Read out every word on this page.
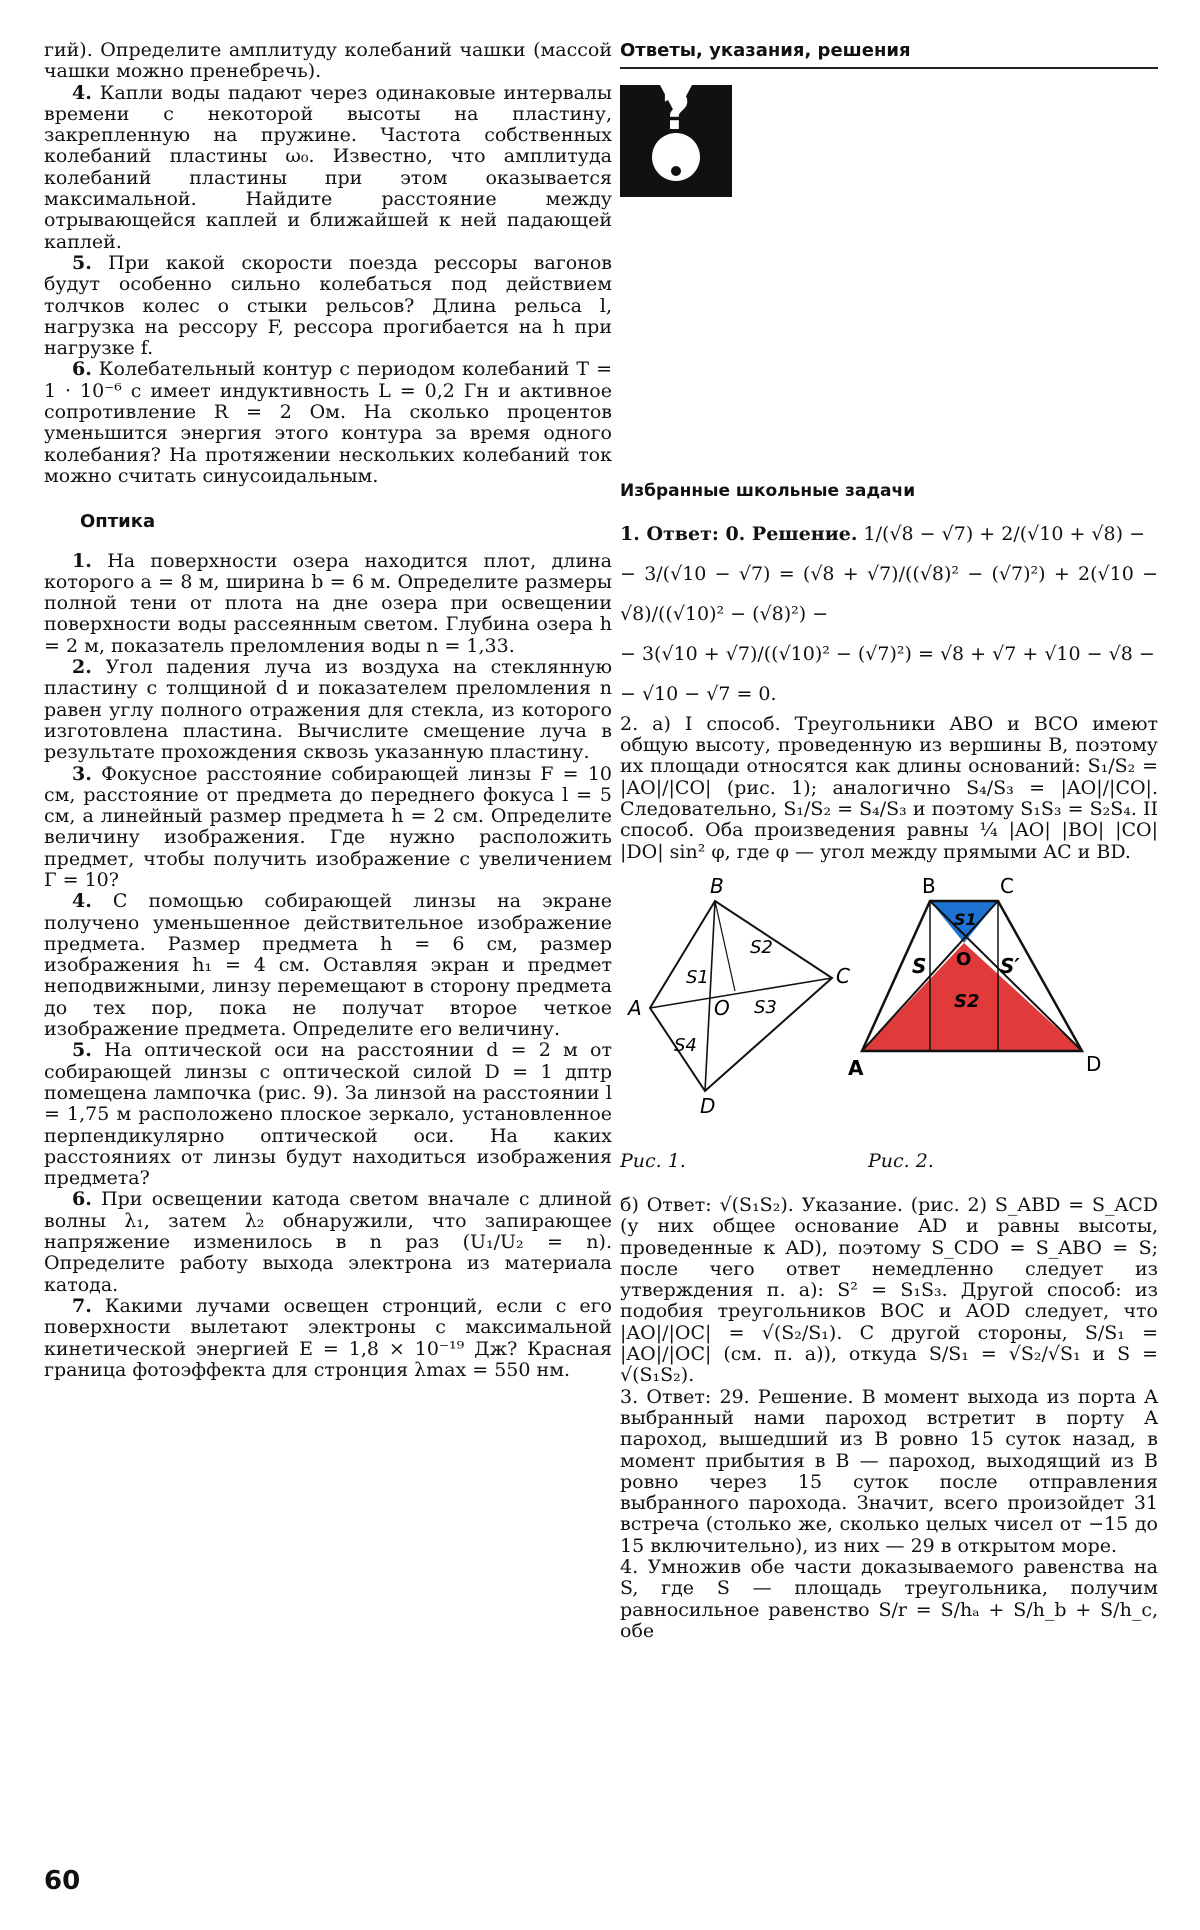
гий). Определите амплитуду колебаний чашки (массой чашки можно пренебречь).

4. Капли воды падают через одинаковые интервалы времени с некоторой высоты на пластину, закрепленную на пружине. Частота собственных колебаний пластины ω₀. Известно, что амплитуда колебаний пластины при этом оказывается максимальной. Найдите расстояние между отрывающейся каплей и ближайшей к ней падающей каплей.

5. При какой скорости поезда рессоры вагонов будут особенно сильно колебаться под действием толчков колес о стыки рельсов? Длина рельса l, нагрузка на рессору F, рессора прогибается на h при нагрузке f.

6. Колебательный контур с периодом колебаний T = 1 · 10⁻⁶ с имеет индуктивность L = 0,2 Гн и активное сопротивление R = 2 Ом. На сколько процентов уменьшится энергия этого контура за время одного колебания? На протяжении нескольких колебаний ток можно считать синусоидальным.

Оптика

1. На поверхности озера находится плот, длина которого a = 8 м, ширина b = 6 м. Определите размеры полной тени от плота на дне озера при освещении поверхности воды рассеянным светом. Глубина озера h = 2 м, показатель преломления воды n = 1,33.

2. Угол падения луча из воздуха на стеклянную пластину с толщиной d и показателем преломления n равен углу полного отражения для стекла, из которого изготовлена пластина. Вычислите смещение луча в результате прохождения сквозь указанную пластину.

3. Фокусное расстояние собирающей линзы F = 10 см, расстояние от предмета до переднего фокуса l = 5 см, а линейный размер предмета h = 2 см. Определите величину изображения. Где нужно расположить предмет, чтобы получить изображение с увеличением Г = 10?

4. С помощью собирающей линзы на экране получено уменьшенное действительное изображение предмета. Размер предмета h = 6 см, размер изображения h₁ = 4 см. Оставляя экран и предмет неподвижными, линзу перемещают в сторону предмета до тех пор, пока не получат второе четкое изображение предмета. Определите его величину.

5. На оптической оси на расстоянии d = 2 м от собирающей линзы с оптической силой D = 1 дптр помещена лампочка (рис. 9). За линзой на расстоянии l = 1,75 м расположено плоское зеркало, установленное перпендикулярно оптической оси. На каких расстояниях от линзы будут находиться изображения предмета?

6. При освещении катода светом вначале с длиной волны λ₁, затем λ₂ обнаружили, что запирающее напряжение изменилось в n раз (U₁/U₂ = n). Определите работу выхода электрона из материала катода.

7. Какими лучами освещен стронций, если с его поверхности вылетают электроны с максимальной кинетической энергией E = 1,8 × 10⁻¹⁹ Дж? Красная граница фотоэффекта для стронция λmax = 550 нм.

Ответы, указания, решения
?
Избранные школьные задачи

1. Ответ: 0. Решение. 1/(√8 − √7) + 2/(√10 + √8) −

− 3/(√10 − √7) = (√8 + √7)/((√8)² − (√7)²) + 2(√10 − √8)/((√10)² − (√8)²) −

− 3(√10 + √7)/((√10)² − (√7)²) = √8 + √7 + √10 − √8 −

− √10 − √7 = 0.

2. а) I способ. Треугольники ABO и BCO имеют общую высоту, проведенную из вершины B, поэтому их площади относятся как длины оснований: S₁/S₂ = |AO|/|CO| (рис. 1); аналогично S₄/S₃ = |AO|/|CO|. Следовательно, S₁/S₂ = S₄/S₃ и поэтому S₁S₃ = S₂S₄. II способ. Оба произведения равны ¼ |AO| |BO| |CO| |DO| sin² φ, где φ — угол между прямыми AC и BD.

B
C
A
D
O
S1
S2
S3
S4
Рис. 1.
B	C
A	D
O
S	S′
S1
S2
Рис. 2.

б) Ответ: √(S₁S₂). Указание. (рис. 2) S_ABD = S_ACD (у них общее основание AD и равны высоты, проведенные к AD), поэтому S_CDO = S_ABO = S; после чего ответ немедленно следует из утверждения п. а): S² = S₁S₃. Другой способ: из подобия треугольников BOC и AOD следует, что |AO|/|OC| = √(S₂/S₁). С другой стороны, S/S₁ = |AO|/|OC| (см. п. а)), откуда S/S₁ = √S₂/√S₁ и S = √(S₁S₂).

3. Ответ: 29. Решение. В момент выхода из порта A выбранный нами пароход встретит в порту A пароход, вышедший из B ровно 15 суток назад, в момент прибытия в B — пароход, выходящий из B ровно через 15 суток после отправления выбранного парохода. Значит, всего произойдет 31 встреча (столько же, сколько целых чисел от −15 до 15 включительно), из них — 29 в открытом море.

4. Умножив обе части доказываемого равенства на S, где S — площадь треугольника, получим равносильное равенство S/r = S/hₐ + S/h_b + S/h_c, обе

60
